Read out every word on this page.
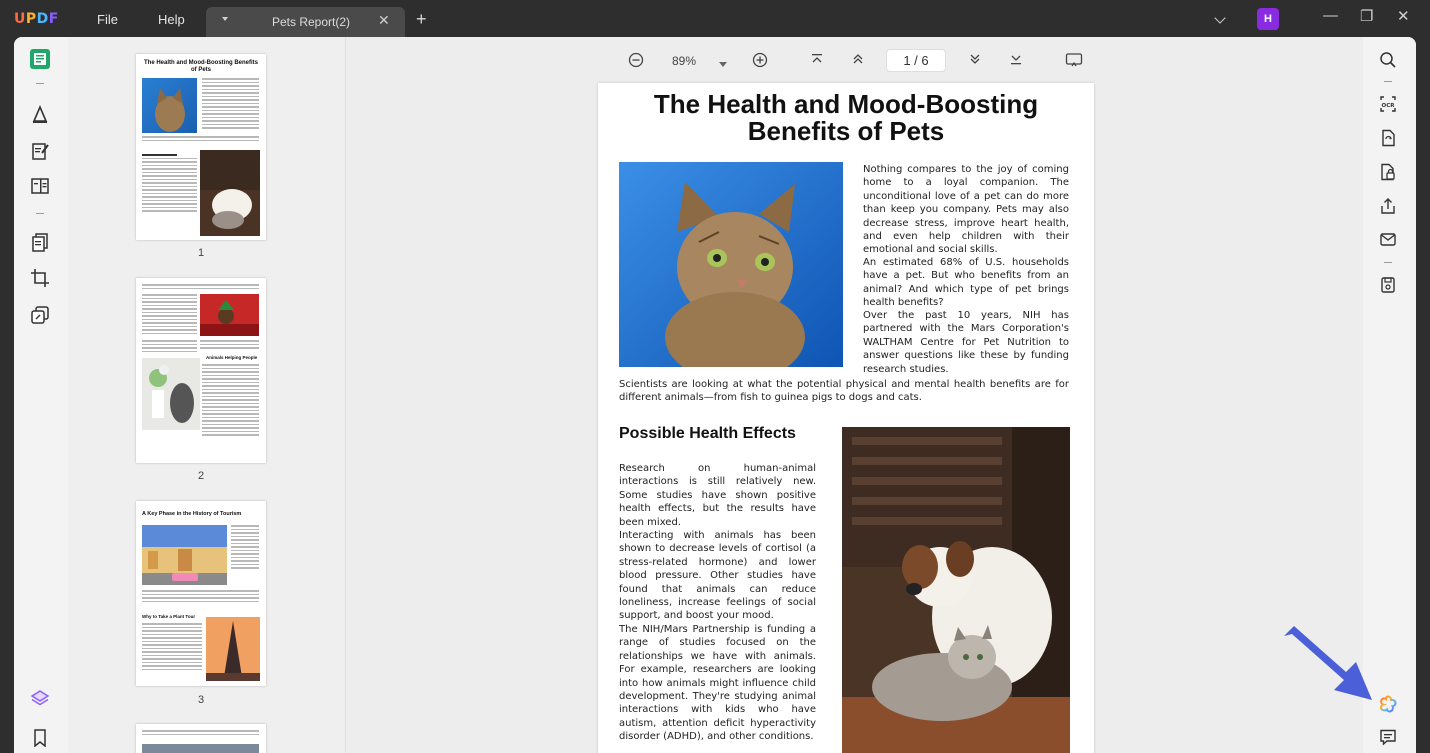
UPDF	File	Help	Pets Report(2) ✕ +	H	— ❐ ✕
The Health and Mood-Boosting Benefits of Pets
1
Animals Helping People
2
A Key Phase in the History of Tourism
Why to Take a Plant Tour
3
89%	1 / 6
The Health and Mood-Boosting
Benefits of Pets
Nothing compares to the joy of coming home to a loyal companion. The unconditional love of a pet can do more than keep you company. Pets may also decrease stress, improve heart health, and even help children with their emotional and social skills.
An estimated 68% of U.S. households have a pet. But who benefits from an animal? And which type of pet brings health benefits?
Over the past 10 years, NIH has partnered with the Mars Corporation's WALTHAM Centre for Pet Nutrition to answer questions like these by funding research studies.
Scientists are looking at what the potential physical and mental health benefits are for different animals—from fish to guinea pigs to dogs and cats.
Possible Health Effects
Research on human-animal interactions is still relatively new. Some studies have shown positive health effects, but the results have been mixed.
Interacting with animals has been shown to decrease levels of cortisol (a stress-related hormone) and lower blood pressure. Other studies have found that animals can reduce loneliness, increase feelings of social support, and boost your mood.
The NIH/Mars Partnership is funding a range of studies focused on the relationships we have with animals. For example, researchers are looking into how animals might influence child development. They're studying animal interactions with kids who have autism, attention deficit hyperactivity disorder (ADHD), and other conditions.
OCR
